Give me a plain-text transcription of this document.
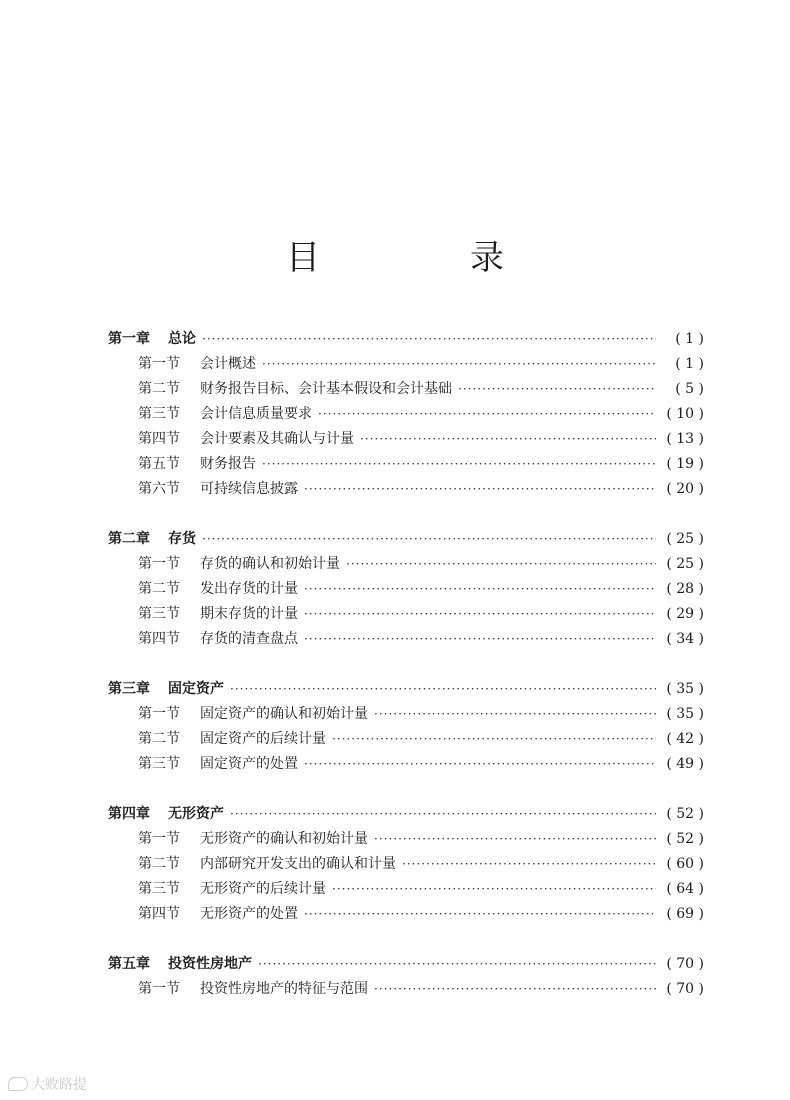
目　录
第一章	总论 ·····	( 1 )
第一节	会计概述 ·····	( 1 )
第二节	财务报告目标、会计基本假设和会计基础 ·····	( 5 )
第三节	会计信息质量要求 ·····	( 10 )
第四节	会计要素及其确认与计量 ·····	( 13 )
第五节	财务报告 ·····	( 19 )
第六节	可持续信息披露 ·····	( 20 )
第二章	存货 ·····	( 25 )
第一节	存货的确认和初始计量 ·····	( 25 )
第二节	发出存货的计量 ·····	( 28 )
第三节	期末存货的计量 ·····	( 29 )
第四节	存货的清查盘点 ·····	( 34 )
第三章	固定资产 ·····	( 35 )
第一节	固定资产的确认和初始计量 ·····	( 35 )
第二节	固定资产的后续计量 ·····	( 42 )
第三节	固定资产的处置 ·····	( 49 )
第四章	无形资产 ·····	( 52 )
第一节	无形资产的确认和初始计量 ·····	( 52 )
第二节	内部研究开发支出的确认和计量 ·····	( 60 )
第三节	无形资产的后续计量 ·····	( 64 )
第四节	无形资产的处置 ·····	( 69 )
第五章	投资性房地产 ·····	( 70 )
第一节	投资性房地产的特征与范围 ·····	( 70 )
大败路提
